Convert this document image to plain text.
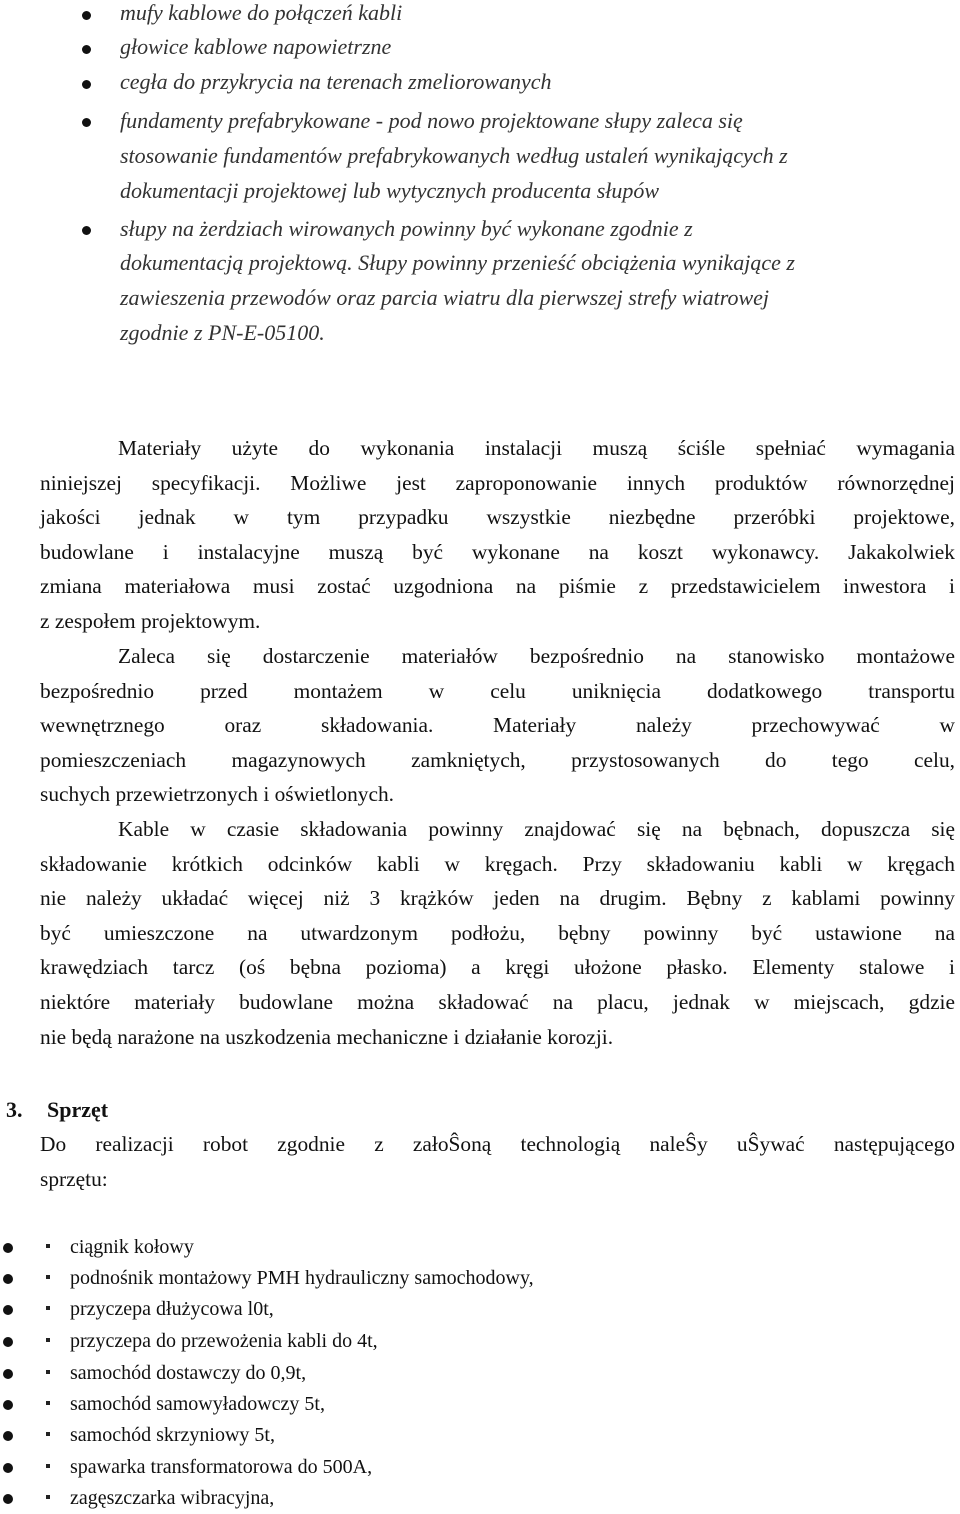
mufy kablowe do połączeń kabli
głowice kablowe napowietrzne
cegła do przykrycia na terenach zmeliorowanych
fundamenty prefabrykowane - pod nowo projektowane słupy zaleca się
stosowanie fundamentów prefabrykowanych według ustaleń wynikających z
dokumentacji projektowej lub wytycznych producenta słupów
słupy na żerdziach wirowanych powinny być wykonane zgodnie z
dokumentacją projektową. Słupy powinny przenieść obciążenia wynikające z
zawieszenia przewodów oraz parcia wiatru dla pierwszej strefy wiatrowej
zgodnie z PN-E-05100.
Materiały użyte do wykonania instalacji muszą ściśle spełniać wymagania
niniejszej specyfikacji. Możliwe jest zaproponowanie innych produktów równorzędnej
jakości jednak w tym przypadku wszystkie niezbędne przeróbki projektowe,
budowlane i instalacyjne muszą być wykonane na koszt wykonawcy. Jakakolwiek
zmiana materiałowa musi zostać uzgodniona na piśmie z przedstawicielem inwestora i
z zespołem projektowym.
Zaleca się dostarczenie materiałów bezpośrednio na stanowisko montażowe
bezpośrednio przed montażem w celu uniknięcia dodatkowego transportu
wewnętrznego oraz składowania. Materiały należy przechowywać w
pomieszczeniach magazynowych zamkniętych, przystosowanych do tego celu,
suchych przewietrzonych i oświetlonych.
Kable w czasie składowania powinny znajdować się na bębnach, dopuszcza się
składowanie krótkich odcinków kabli w kręgach. Przy składowaniu kabli w kręgach
nie należy układać więcej niż 3 krążków jeden na drugim. Bębny z kablami powinny
być umieszczone na utwardzonym podłożu, bębny powinny być ustawione na
krawędziach tarcz (oś bębna pozioma) a kręgi ułożone płasko. Elementy stalowe i
niektóre materiały budowlane można składować na placu, jednak w miejscach, gdzie
nie będą narażone na uszkodzenia mechaniczne i działanie korozji.
3. Sprzęt
Do realizacji robot zgodnie z załoŜoną technologią naleŜy uŜywać następującego
sprzętu:
ciągnik kołowy
podnośnik montażowy PMH hydrauliczny samochodowy,
przyczepa dłużycowa l0t,
przyczepa do przewożenia kabli do 4t,
samochód dostawczy do 0,9t,
samochód samowyładowczy 5t,
samochód skrzyniowy 5t,
spawarka transformatorowa do 500A,
zagęszczarka wibracyjna,
